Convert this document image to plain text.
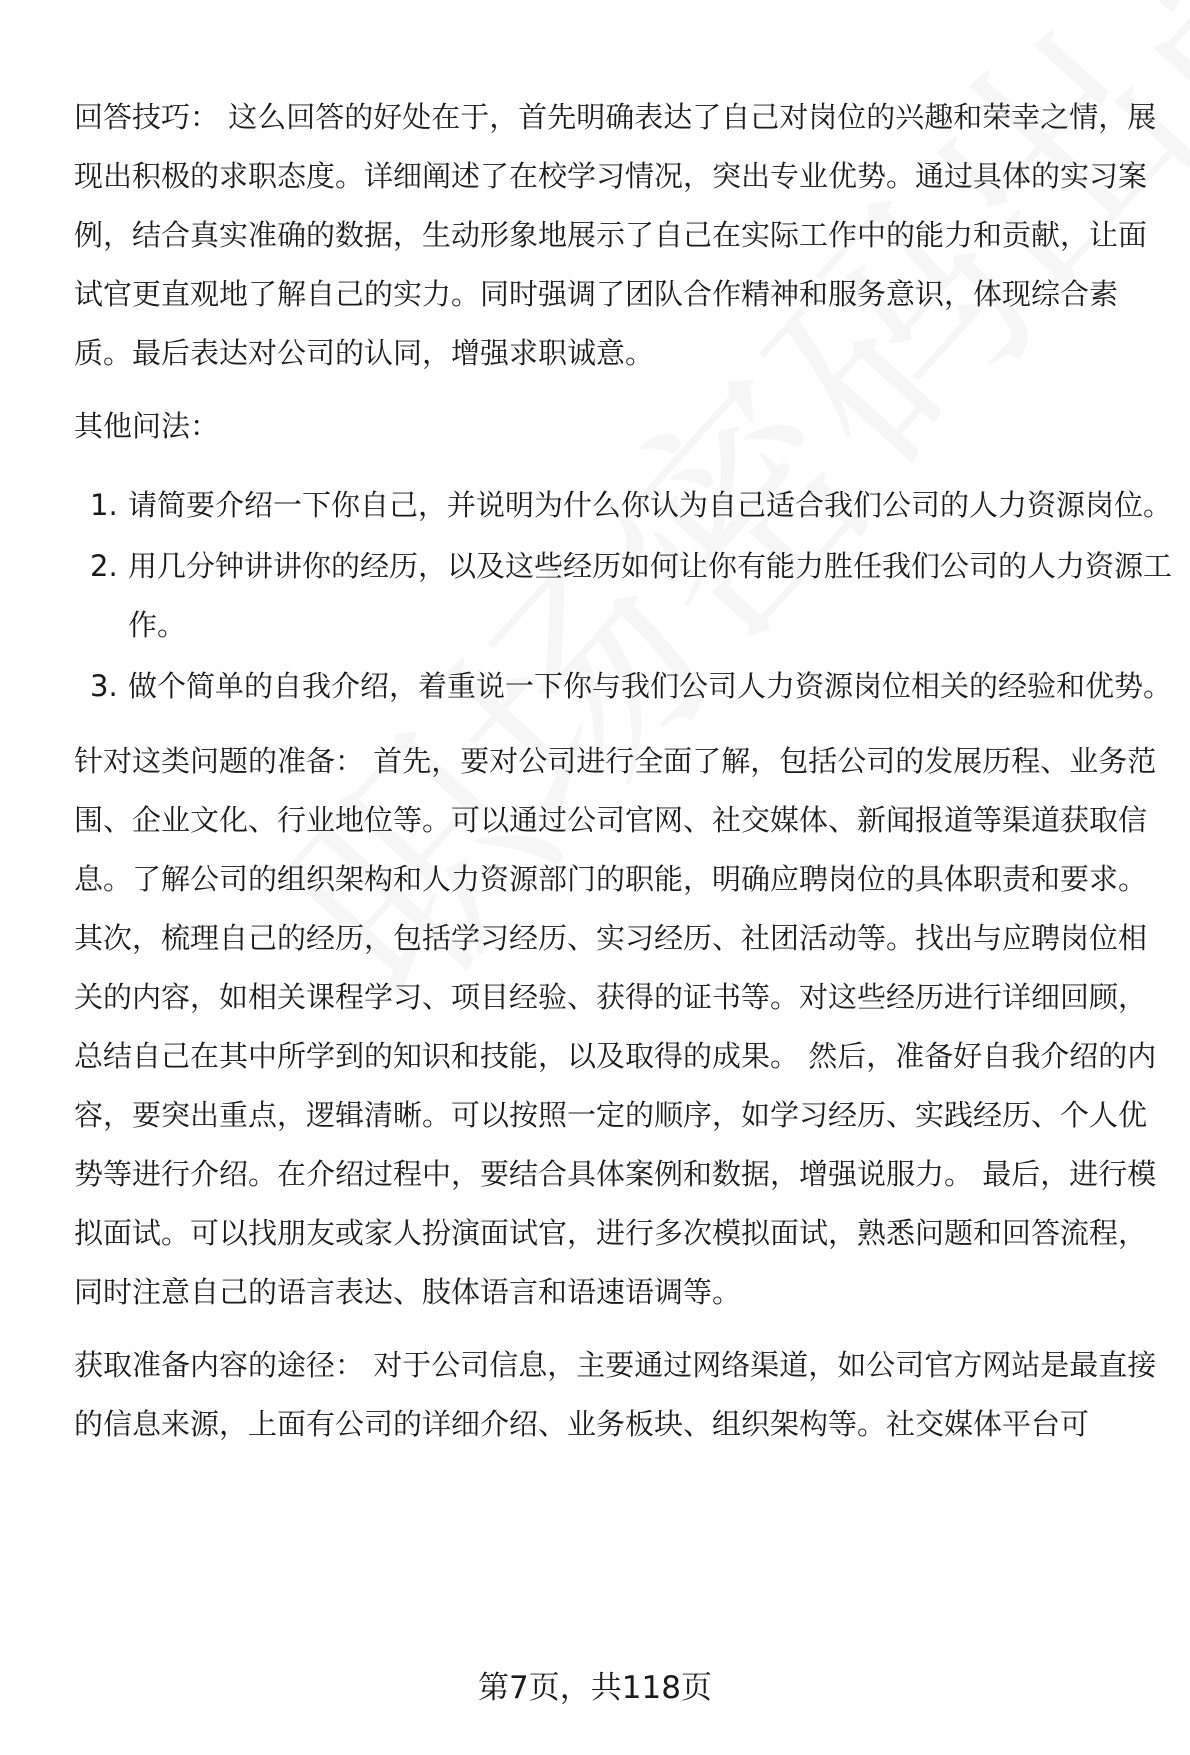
回答技巧： 这么回答的好处在于，首先明确表达了自己对岗位的兴趣和荣幸之情，展现出积极的求职态度。详细阐述了在校学习情况，突出专业优势。通过具体的实习案例，结合真实准确的数据，生动形象地展示了自己在实际工作中的能力和贡献，让面试官更直观地了解自己的实力。同时强调了团队合作精神和服务意识，体现综合素质。最后表达对公司的认同，增强求职诚意。

其他问法：

1. 请简要介绍一下你自己，并说明为什么你认为自己适合我们公司的人力资源岗位。
2. 用几分钟讲讲你的经历，以及这些经历如何让你有能力胜任我们公司的人力资源工作。
3. 做个简单的自我介绍，着重说一下你与我们公司人力资源岗位相关的经验和优势。

针对这类问题的准备： 首先，要对公司进行全面了解，包括公司的发展历程、业务范围、企业文化、行业地位等。可以通过公司官网、社交媒体、新闻报道等渠道获取信息。了解公司的组织架构和人力资源部门的职能，明确应聘岗位的具体职责和要求。 其次，梳理自己的经历，包括学习经历、实习经历、社团活动等。找出与应聘岗位相关的内容，如相关课程学习、项目经验、获得的证书等。对这些经历进行详细回顾，总结自己在其中所学到的知识和技能，以及取得的成果。 然后，准备好自我介绍的内容，要突出重点，逻辑清晰。可以按照一定的顺序，如学习经历、实践经历、个人优势等进行介绍。在介绍过程中，要结合具体案例和数据，增强说服力。 最后，进行模拟面试。可以找朋友或家人扮演面试官，进行多次模拟面试，熟悉问题和回答流程，同时注意自己的语言表达、肢体语言和语速语调等。

获取准备内容的途径： 对于公司信息，主要通过网络渠道，如公司官方网站是最直接的信息来源，上面有公司的详细介绍、业务板块、组织架构等。社交媒体平台可

第7页，共118页
